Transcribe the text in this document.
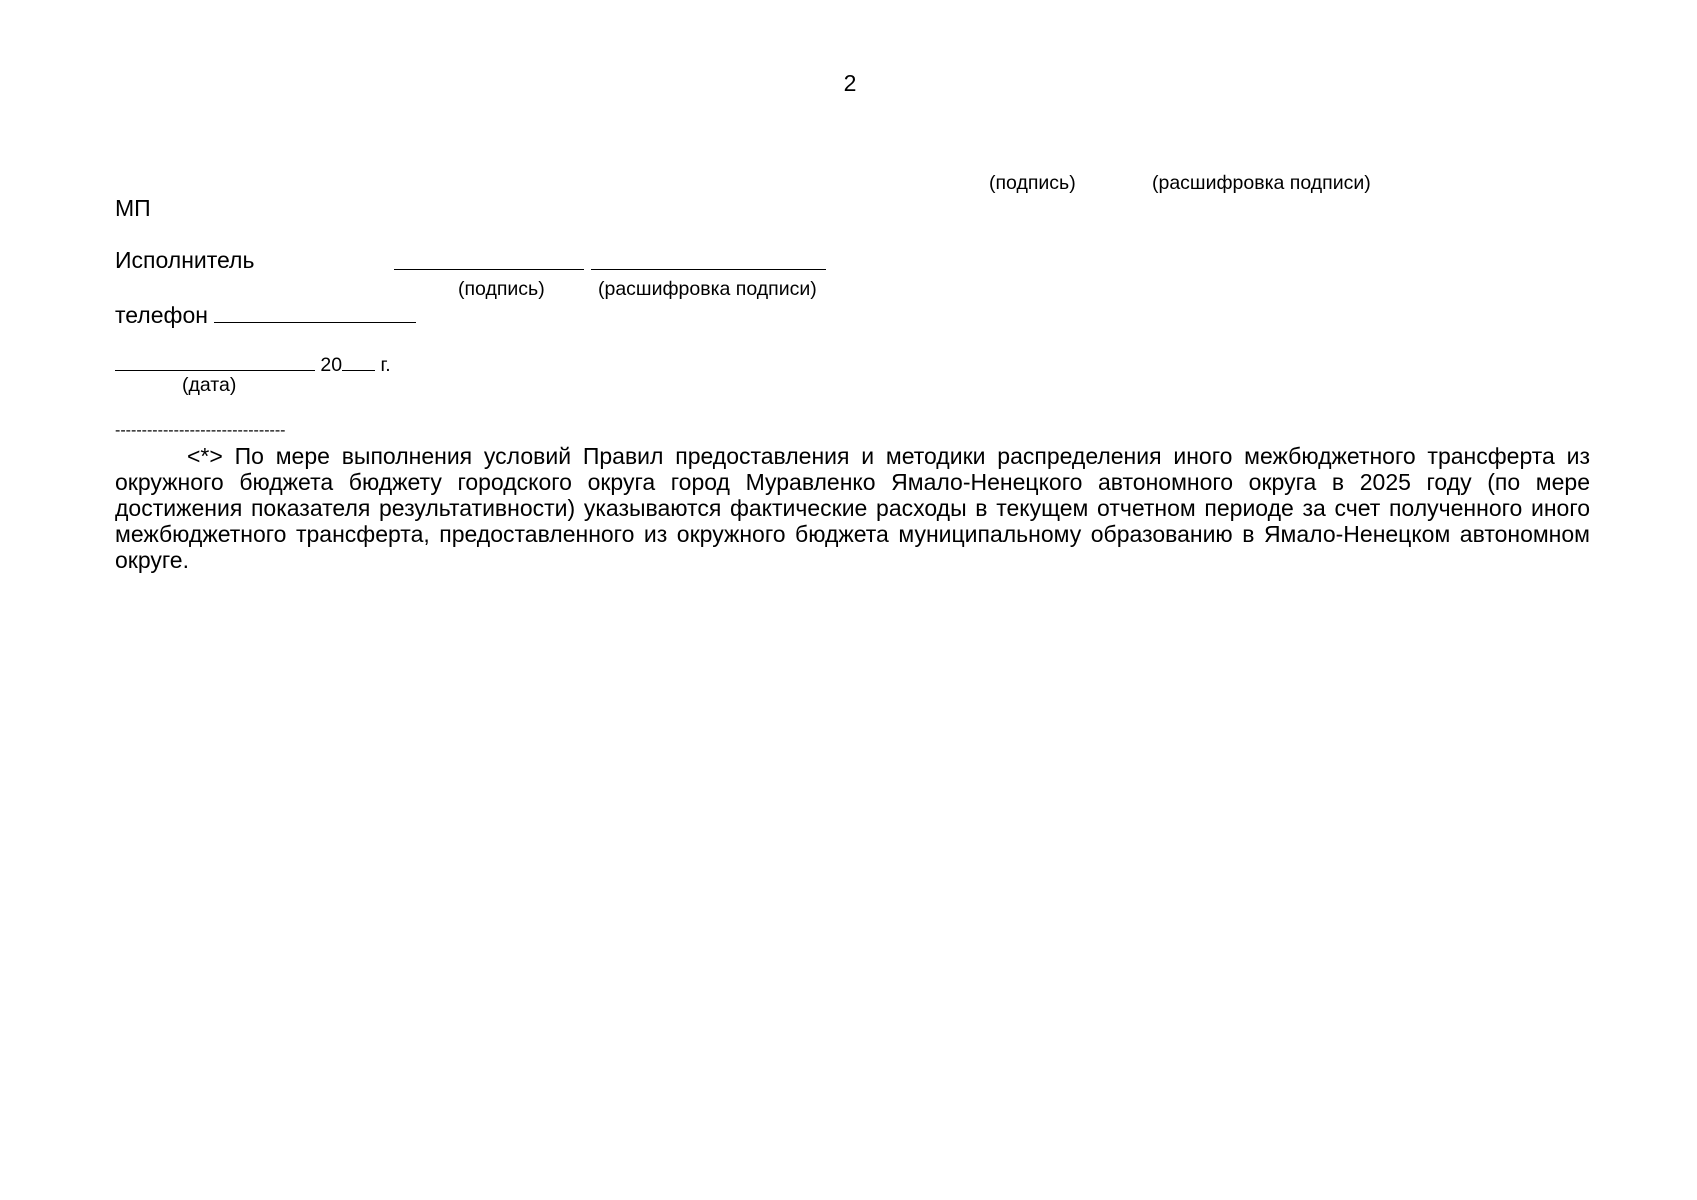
2
(подпись)	(расшифровка подписи)
МП
Исполнитель
(подпись)	(расшифровка подписи)
телефон
20 г.
(дата)
--------------------------------
<*> По мере выполнения условий Правил предоставления и методики распределения иного межбюджетного трансферта из окружного бюджета бюджету городского округа город Муравленко Ямало-Ненецкого автономного округа в 2025 году (по мере достижения показателя результативности) указываются фактические расходы в текущем отчетном периоде за счет полученного иного межбюджетного трансферта, предоставленного из окружного бюджета муниципальному образованию в Ямало-Ненецком автономном округе.
